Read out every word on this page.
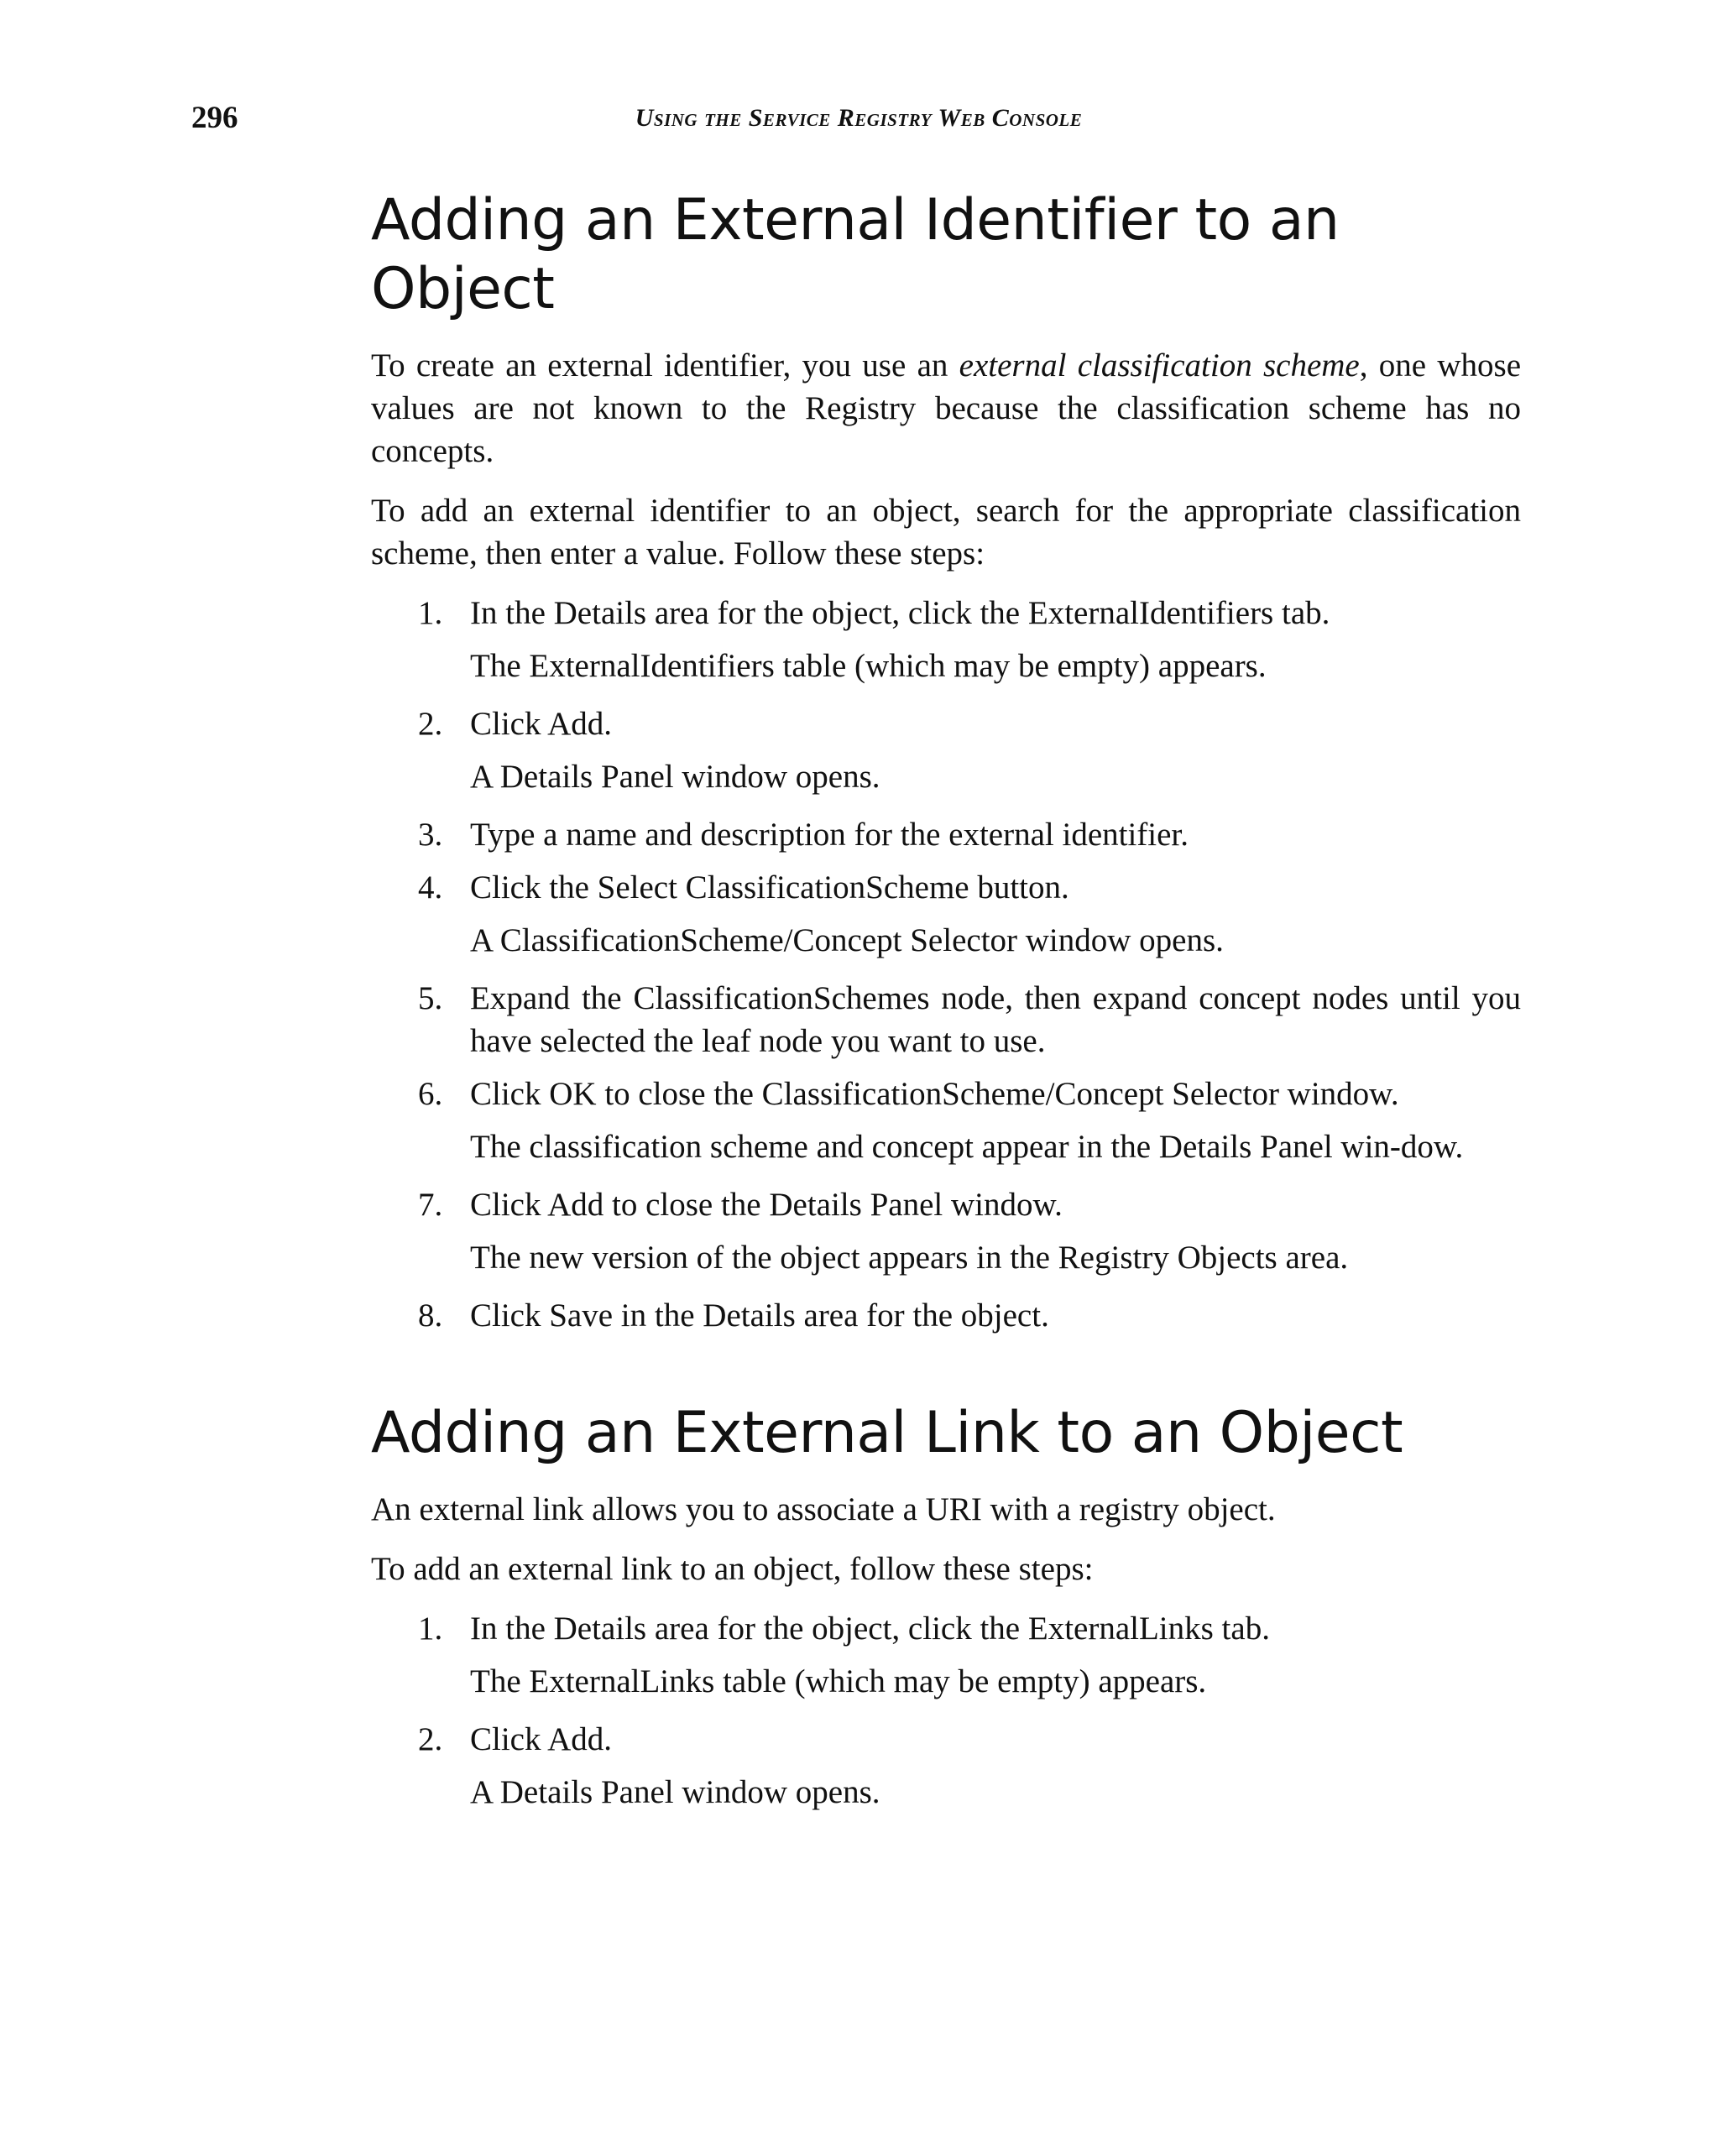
296	Using the Service Registry Web Console
Adding an External Identifier to an Object

To create an external identifier, you use an external classification scheme, one whose values are not known to the Registry because the classification scheme has no concepts.

To add an external identifier to an object, search for the appropriate classification scheme, then enter a value. Follow these steps:

1. In the Details area for the object, click the ExternalIdentifiers tab.
The ExternalIdentifiers table (which may be empty) appears.
2. Click Add.
A Details Panel window opens.
3. Type a name and description for the external identifier.
4. Click the Select ClassificationScheme button.
A ClassificationScheme/Concept Selector window opens.
5. Expand the ClassificationSchemes node, then expand concept nodes until you have selected the leaf node you want to use.
6. Click OK to close the ClassificationScheme/Concept Selector window.
The classification scheme and concept appear in the Details Panel win-dow.
7. Click Add to close the Details Panel window.
The new version of the object appears in the Registry Objects area.
8. Click Save in the Details area for the object.
Adding an External Link to an Object

An external link allows you to associate a URI with a registry object.

To add an external link to an object, follow these steps:

1. In the Details area for the object, click the ExternalLinks tab.
The ExternalLinks table (which may be empty) appears.
2. Click Add.
A Details Panel window opens.
